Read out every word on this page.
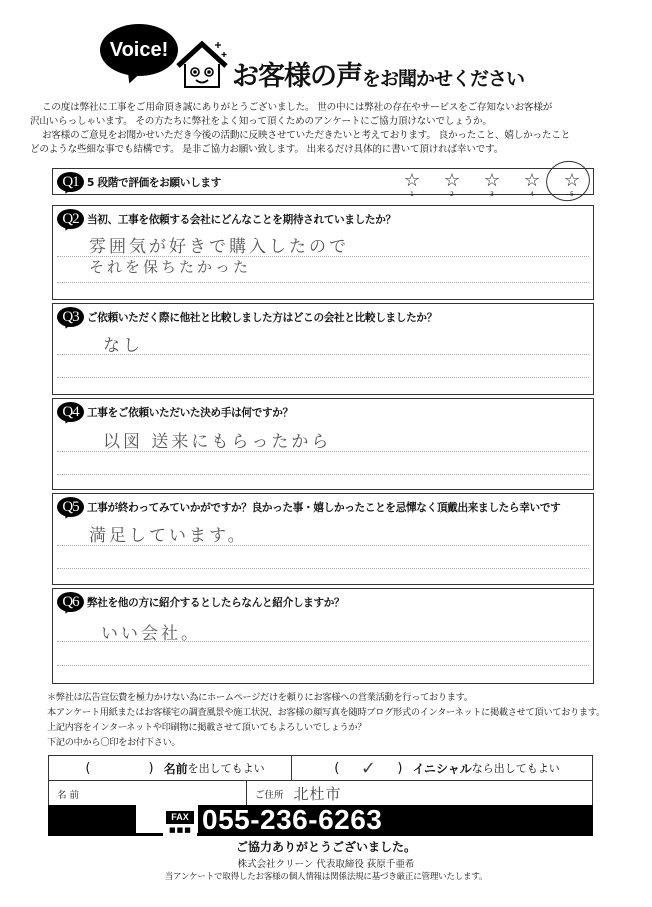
Voice!
お客様の声をお聞かせください

この度は弊社に工事をご用命頂き誠にありがとうございました。 世の中には弊社の存在やサービスをご存知ないお客様が

沢山いらっしゃいます。 その方たちに弊社をよく知って頂くためのアンケートにご協力頂けないでしょうか。

お客様のご意見をお聞かせいただき今後の活動に反映させていただきたいと考えております。 良かったこと、嬉しかったこと

どのような些細な事でも結構です。 是非ご協力お願い致します。 出来るだけ具体的に書いて頂ければ幸いです。

Q1 5 段階で評価をお願いします	☆
1
☆
2
☆
3
☆
4
☆
5
Q2 当初、工事を依頼する会社にどんなことを期待されていましたか？
雰囲気が好きで購入したので
それを保ちたかった
Q3 ご依頼いただく際に他社と比較しました方はどこの会社と比較しましたか？
なし
Q4 工事をご依頼いただいた決め手は何ですか？
以図 送来にもらったから
Q5 工事が終わってみていかがですか？良かった事・嬉しかったことを忌憚なく頂戴出来ましたら幸いです
満足しています。
Q6 弊社を他の方に紹介するとしたらなんと紹介しますか？
いい会社。

＊弊社は広告宣伝費を極力かけない為にホームページだけを頼りにお客様への営業活動を行っております。

本アンケート用紙またはお客様宅の調査風景や施工状況、お客様の顔写真を随時ブログ形式のインターネットに掲載させて頂いております。

上記内容をインターネットや印刷物に掲載させて頂いてもよろしいでしょうか？

下記の中から〇印をお付下さい。

(	) 名前 を出してもよい	(	✓	) イニシャル なら出してもよい
名 前	ご住所 北杜市
FAX
■■■ 055-236-6263
ご協力ありがとうございました。
株式会社クリーン 代表取締役 荻原千亜希
当アンケートで取得したお客様の個人情報は関係法規に基づき厳正に管理いたします。
